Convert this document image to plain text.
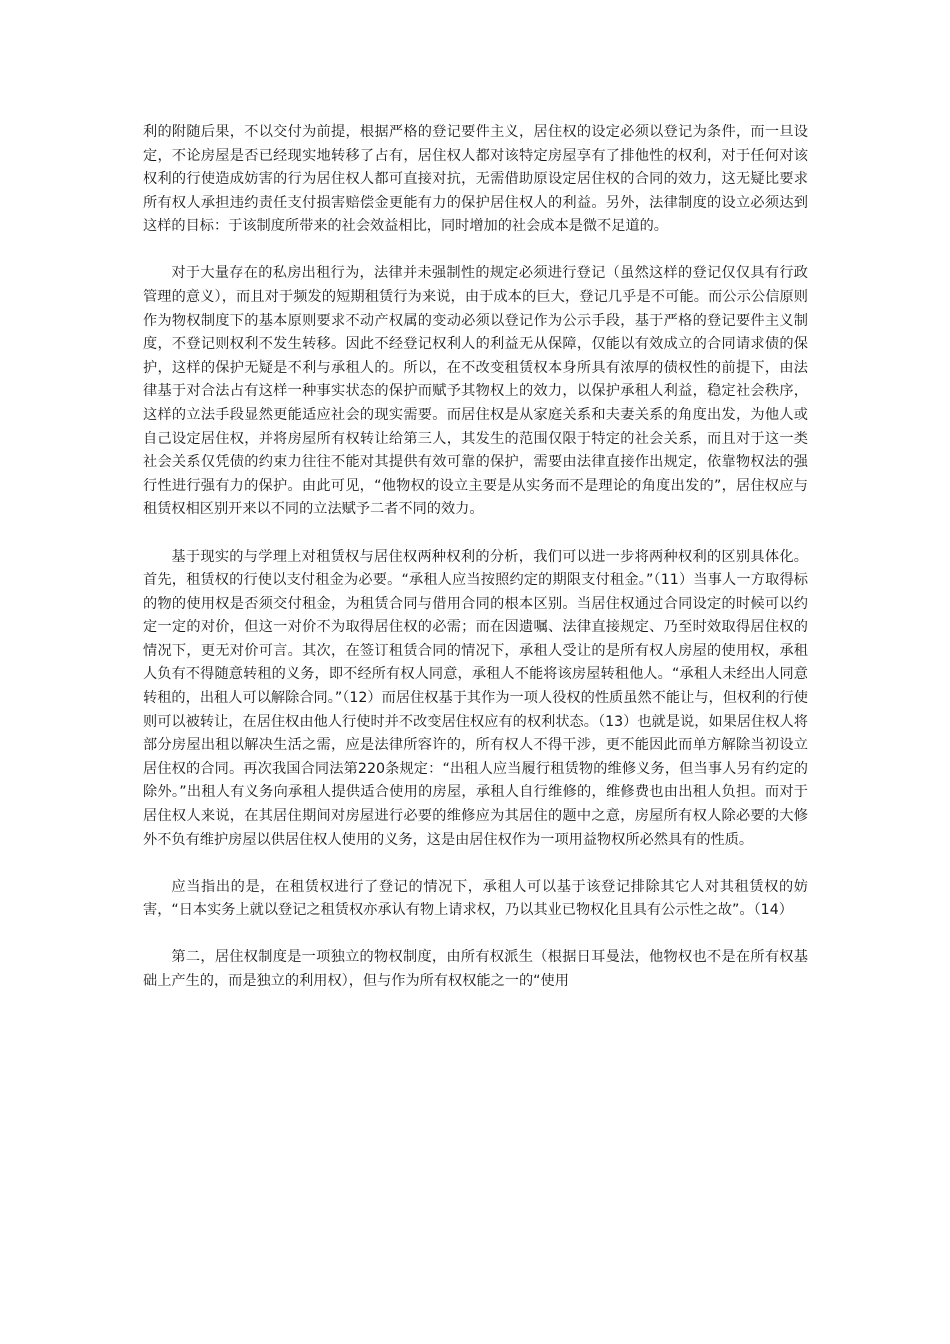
利的附随后果，不以交付为前提，根据严格的登记要件主义，居住权的设定必须以登记为条件，而一旦设定，不论房屋是否已经现实地转移了占有，居住权人都对该特定房屋享有了排他性的权利，对于任何对该权利的行使造成妨害的行为居住权人都可直接对抗，无需借助原设定居住权的合同的效力，这无疑比要求所有权人承担违约责任支付损害赔偿金更能有力的保护居住权人的利益。另外，法律制度的设立必须达到这样的目标：于该制度所带来的社会效益相比，同时增加的社会成本是微不足道的。

对于大量存在的私房出租行为，法律并未强制性的规定必须进行登记（虽然这样的登记仅仅具有行政管理的意义），而且对于频发的短期租赁行为来说，由于成本的巨大，登记几乎是不可能。而公示公信原则作为物权制度下的基本原则要求不动产权属的变动必须以登记作为公示手段，基于严格的登记要件主义制度，不登记则权利不发生转移。因此不经登记权利人的利益无从保障，仅能以有效成立的合同请求债的保护，这样的保护无疑是不利与承租人的。所以，在不改变租赁权本身所具有浓厚的债权性的前提下，由法律基于对合法占有这样一种事实状态的保护而赋予其物权上的效力，以保护承租人利益，稳定社会秩序，这样的立法手段显然更能适应社会的现实需要。而居住权是从家庭关系和夫妻关系的角度出发，为他人或自己设定居住权，并将房屋所有权转让给第三人，其发生的范围仅限于特定的社会关系，而且对于这一类社会关系仅凭债的约束力往往不能对其提供有效可靠的保护，需要由法律直接作出规定，依靠物权法的强行性进行强有力的保护。由此可见，“他物权的设立主要是从实务而不是理论的角度出发的”，居住权应与租赁权相区别开来以不同的立法赋予二者不同的效力。

基于现实的与学理上对租赁权与居住权两种权利的分析，我们可以进一步将两种权利的区别具体化。首先，租赁权的行使以支付租金为必要。“承租人应当按照约定的期限支付租金。”（11）当事人一方取得标的物的使用权是否须交付租金，为租赁合同与借用合同的根本区别。当居住权通过合同设定的时候可以约定一定的对价，但这一对价不为取得居住权的必需；而在因遗嘱、法律直接规定、乃至时效取得居住权的情况下，更无对价可言。其次，在签订租赁合同的情况下，承租人受让的是所有权人房屋的使用权，承租人负有不得随意转租的义务，即不经所有权人同意，承租人不能将该房屋转租他人。“承租人未经出人同意转租的，出租人可以解除合同。”（12）而居住权基于其作为一项人役权的性质虽然不能让与，但权利的行使则可以被转让，在居住权由他人行使时并不改变居住权应有的权利状态。（13）也就是说，如果居住权人将部分房屋出租以解决生活之需，应是法律所容许的，所有权人不得干涉，更不能因此而单方解除当初设立居住权的合同。再次我国合同法第220条规定：“出租人应当履行租赁物的维修义务，但当事人另有约定的除外。”出租人有义务向承租人提供适合使用的房屋，承租人自行维修的，维修费也由出租人负担。而对于居住权人来说，在其居住期间对房屋进行必要的维修应为其居住的题中之意，房屋所有权人除必要的大修外不负有维护房屋以供居住权人使用的义务，这是由居住权作为一项用益物权所必然具有的性质。

应当指出的是，在租赁权进行了登记的情况下，承租人可以基于该登记排除其它人对其租赁权的妨害，“日本实务上就以登记之租赁权亦承认有物上请求权，乃以其业已物权化且具有公示性之故”。（14）

第二，居住权制度是一项独立的物权制度，由所有权派生（根据日耳曼法，他物权也不是在所有权基础上产生的，而是独立的利用权），但与作为所有权权能之一的“使用
